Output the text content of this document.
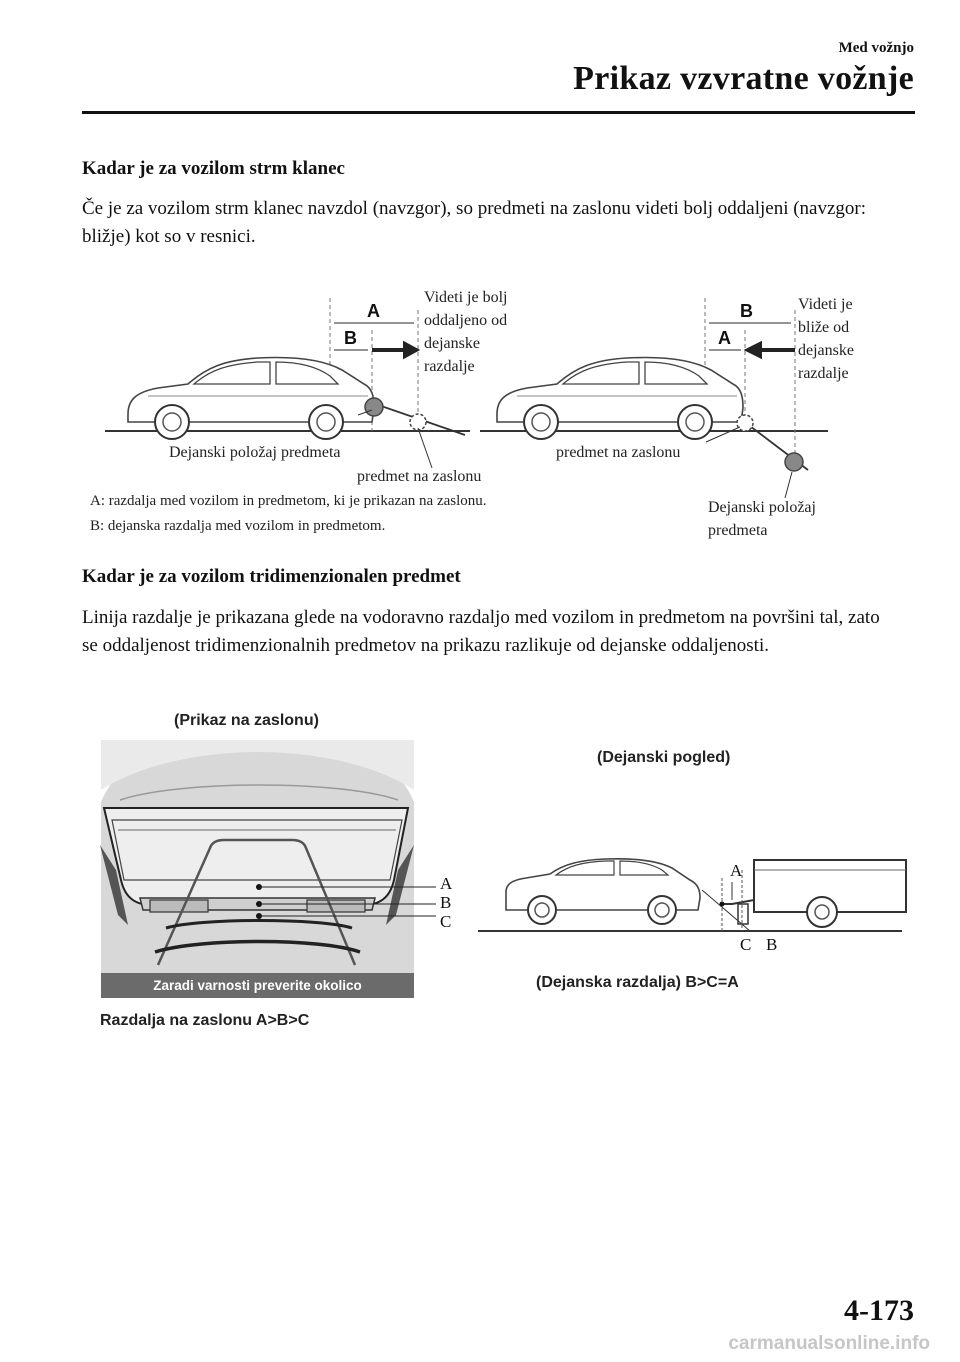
Med vožnjo
Prikaz vzvratne vožnje
Kadar je za vozilom strm klanec
Če je za vozilom strm klanec navzdol (navzgor), so predmeti na zaslonu videti bolj oddaljeni (navzgor: bližje) kot so v resnici.
A
B
Videti je bolj
oddaljeno od
dejanske
razdalje
Dejanski položaj predmeta
predmet na zaslonu
B
A
Videti je
bliže od
dejanske
razdalje
predmet na zaslonu
Dejanski položaj
predmeta
A: razdalja med vozilom in predmetom, ki je prikazan na zaslonu.
B: dejanska razdalja med vozilom in predmetom.
Kadar je za vozilom tridimenzionalen predmet
Linija razdalje je prikazana glede na vodoravno razdaljo med vozilom in predmetom na površini tal, zato se oddaljenost tridimenzionalnih predmetov na prikazu razlikuje od dejanske oddaljenosti.
(Prikaz na zaslonu)
A
B
C
Zaradi varnosti preverite okolico
Razdalja na zaslonu A>B>C
(Dejanski pogled)
A
C B
(Dejanska razdalja) B>C=A
4-173
carmanualsonline.info
